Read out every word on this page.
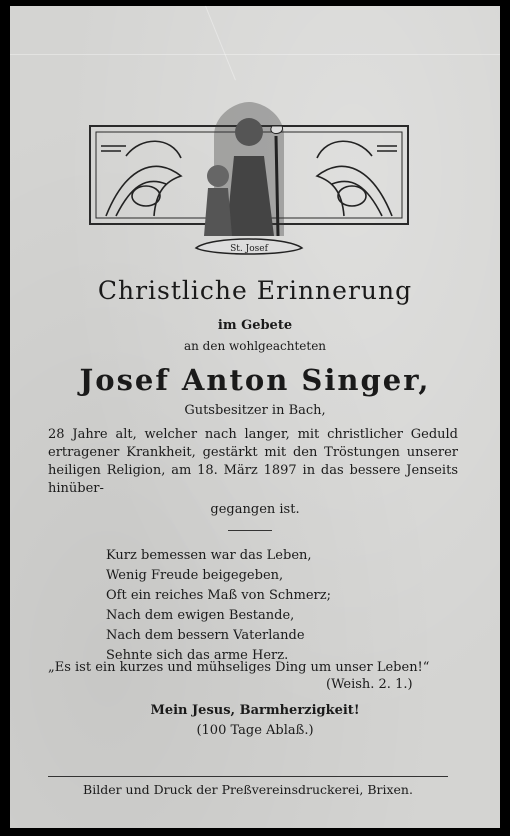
St. Josef
Christliche Erinnerung
im Gebete
an den wohlgeachteten
Josef Anton Singer,
Gutsbesitzer in Bach,

28 Jahre alt, welcher nach langer, mit christlicher Geduld ertragener Krankheit, gestärkt mit den Tröstungen unserer heiligen Religion, am 18. März 1897 in das bessere Jenseits hinüber-

gegangen ist.
Kurz bemessen war das Leben,
Wenig Freude beigegeben,
Oft ein reiches Maß von Schmerz;
Nach dem ewigen Bestande,
Nach dem bessern Vaterlande
Sehnte sich das arme Herz.

„Es ist ein kurzes und mühseliges Ding um unser Leben!“

(Weish. 2. 1.)
Mein Jesus, Barmherzigkeit!
(100 Tage Ablaß.)
Bilder und Druck der Preßvereinsdruckerei, Brixen.
